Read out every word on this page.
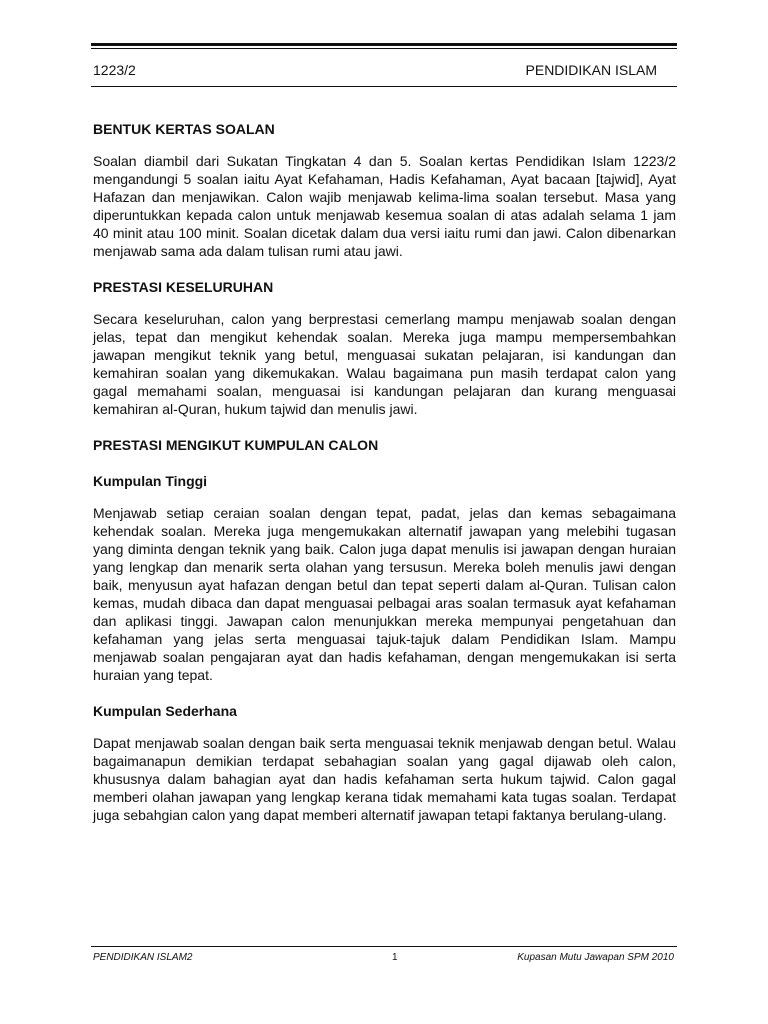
1223/2	PENDIDIKAN ISLAM
BENTUK KERTAS SOALAN

Soalan diambil dari Sukatan Tingkatan 4 dan 5. Soalan kertas Pendidikan Islam 1223/2 mengandungi 5 soalan iaitu Ayat Kefahaman, Hadis Kefahaman, Ayat bacaan [tajwid], Ayat Hafazan dan menjawikan. Calon wajib menjawab kelima-lima soalan tersebut. Masa yang diperuntukkan kepada calon untuk menjawab kesemua soalan di atas adalah selama 1 jam 40 minit atau 100 minit. Soalan dicetak dalam dua versi iaitu rumi dan jawi. Calon dibenarkan menjawab sama ada dalam tulisan rumi atau jawi.

PRESTASI KESELURUHAN

Secara keseluruhan, calon yang berprestasi cemerlang mampu menjawab soalan dengan jelas, tepat dan mengikut kehendak soalan. Mereka juga mampu mempersembahkan jawapan mengikut teknik yang betul, menguasai sukatan pelajaran, isi kandungan dan kemahiran soalan yang dikemukakan. Walau bagaimana pun masih terdapat calon yang gagal memahami soalan, menguasai isi kandungan pelajaran dan kurang menguasai kemahiran al-Quran, hukum tajwid dan menulis jawi.

PRESTASI MENGIKUT KUMPULAN CALON
Kumpulan Tinggi

Menjawab setiap ceraian soalan dengan tepat, padat, jelas dan kemas sebagaimana kehendak soalan. Mereka juga mengemukakan alternatif jawapan yang melebihi tugasan yang diminta dengan teknik yang baik. Calon juga dapat menulis isi jawapan dengan huraian yang lengkap dan menarik serta olahan yang tersusun. Mereka boleh menulis jawi dengan baik, menyusun ayat hafazan dengan betul dan tepat seperti dalam al-Quran. Tulisan calon kemas, mudah dibaca dan dapat menguasai pelbagai aras soalan termasuk ayat kefahaman dan aplikasi tinggi. Jawapan calon menunjukkan mereka mempunyai pengetahuan dan kefahaman yang jelas serta menguasai tajuk-tajuk dalam Pendidikan Islam. Mampu menjawab soalan pengajaran ayat dan hadis kefahaman, dengan mengemukakan isi serta huraian yang tepat.

Kumpulan Sederhana

Dapat menjawab soalan dengan baik serta menguasai teknik menjawab dengan betul. Walau bagaimanapun demikian terdapat sebahagian soalan yang gagal dijawab oleh calon, khususnya dalam bahagian ayat dan hadis kefahaman serta hukum tajwid. Calon gagal memberi olahan jawapan yang lengkap kerana tidak memahami kata tugas soalan. Terdapat juga sebahgian calon yang dapat memberi alternatif jawapan tetapi faktanya berulang-ulang.

PENDIDIKAN ISLAM2	1	Kupasan Mutu Jawapan SPM 2010
